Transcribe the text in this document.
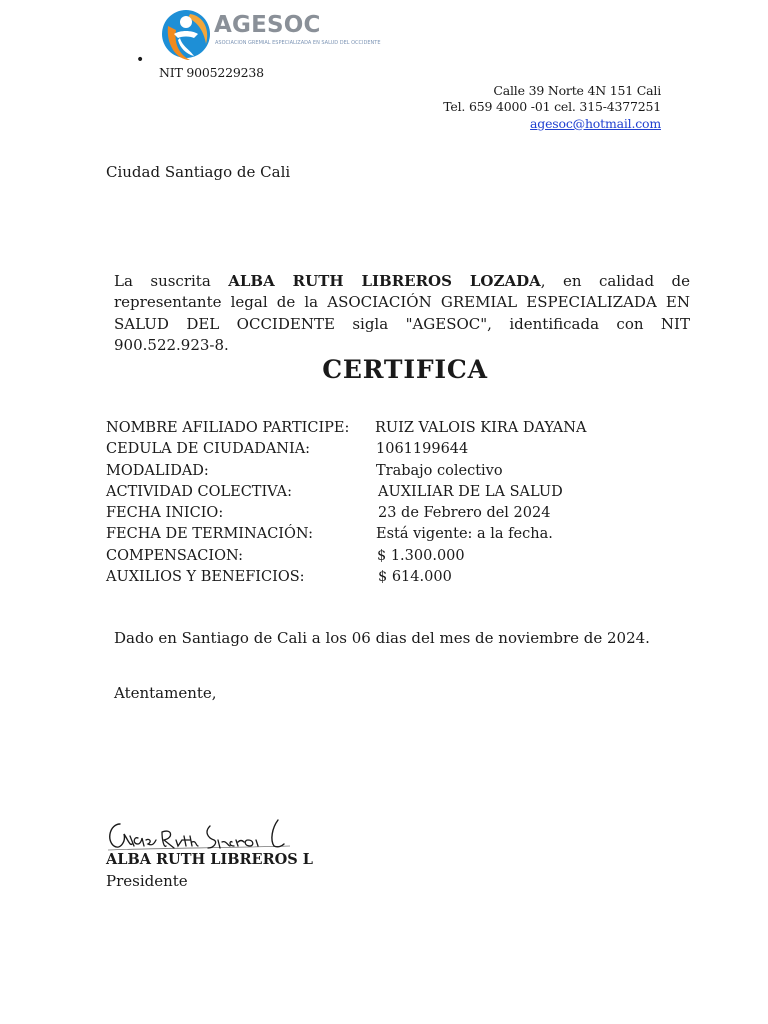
•
AGESOC
ASOCIACION GREMIAL ESPECIALIZADA EN SALUD DEL OCCIDENTE
NIT 9005229238
Calle 39 Norte 4N 151 Cali
Tel. 659 4000 -01 cel. 315-4377251
agesoc@hotmail.com
Ciudad Santiago de Cali
La suscrita ALBA RUTH LIBREROS LOZADA, en calidad de representante legal de la ASOCIACIÓN GREMIAL ESPECIALIZADA EN SALUD DEL OCCIDENTE sigla "AGESOC", identificada con NIT 900.522.923-8.
CERTIFICA
NOMBRE AFILIADO PARTICIPE: RUIZ VALOIS KIRA DAYANA
CEDULA DE CIUDADANIA:	1061199644
MODALIDAD:	Trabajo colectivo
ACTIVIDAD COLECTIVA:	AUXILIAR DE LA SALUD
FECHA INICIO:	23 de Febrero del 2024
FECHA DE TERMINACIÓN:	Está vigente: a la fecha.
COMPENSACION:	$ 1.300.000
AUXILIOS Y BENEFICIOS:	$ 614.000
Dado en Santiago de Cali a los 06 dias del mes de noviembre de 2024.
Atentamente,
ALBA RUTH LIBREROS L
Presidente
